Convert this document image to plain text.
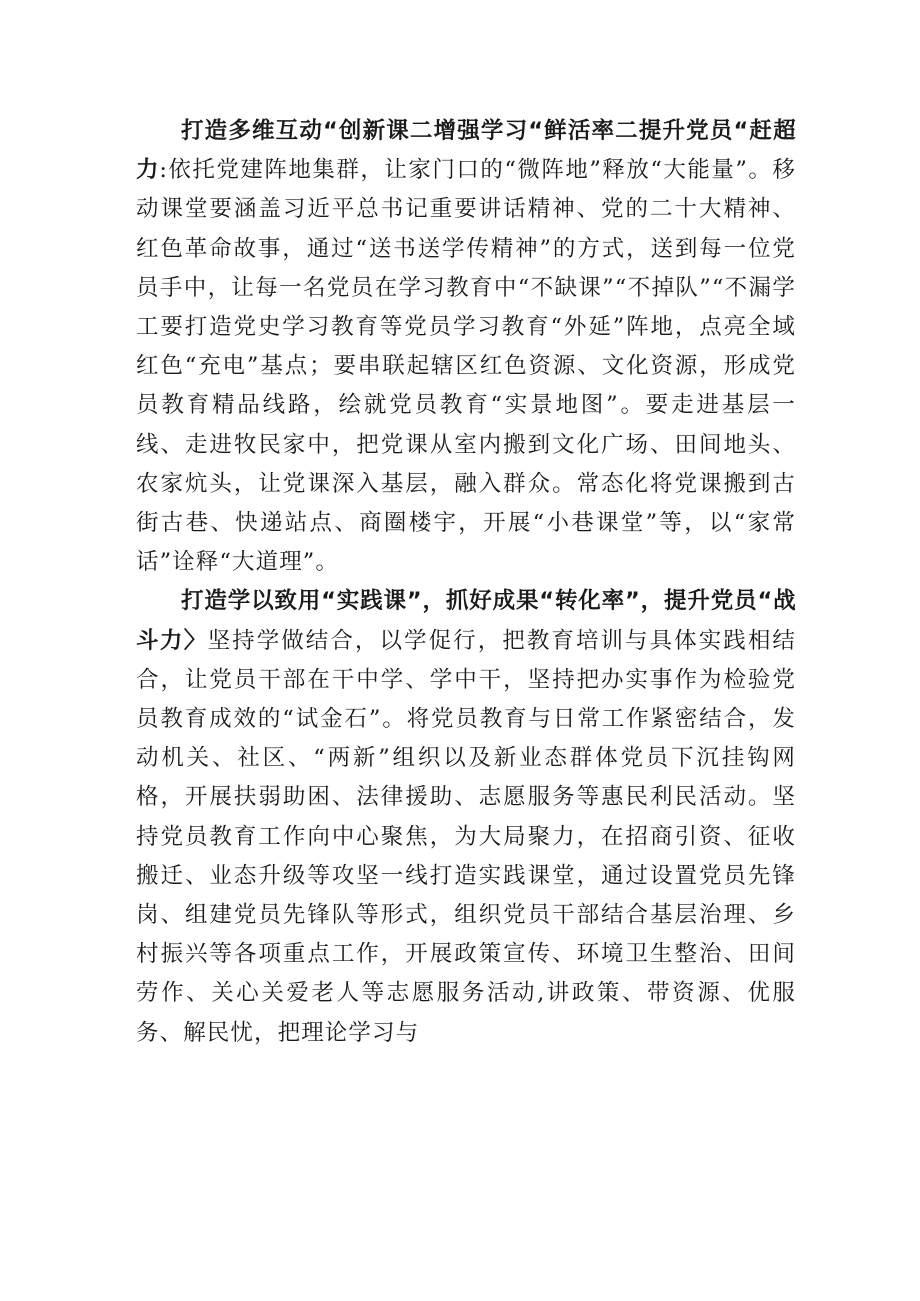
打造多维互动“创新课二增强学习“鲜活率二提升党员“赶超力:依托党建阵地集群，让家门口的“微阵地”释放“大能量”。移动课堂要涵盖习近平总书记重要讲话精神、党的二十大精神、红色革命故事，通过“送书送学传精神”的方式，送到每一位党员手中，让每一名党员在学习教育中“不缺课”“不掉队”“不漏学工要打造党史学习教育等党员学习教育“外延”阵地，点亮全域红色“充电”基点；要串联起辖区红色资源、文化资源，形成党员教育精品线路，绘就党员教育“实景地图”。要走进基层一线、走进牧民家中，把党课从室内搬到文化广场、田间地头、农家炕头，让党课深入基层，融入群众。常态化将党课搬到古街古巷、快递站点、商圈楼宇，开展“小巷课堂”等，以“家常话”诠释“大道理”。

打造学以致用“实践课”，抓好成果“转化率”，提升党员“战斗力〉坚持学做结合，以学促行，把教育培训与具体实践相结合，让党员干部在干中学、学中干，坚持把办实事作为检验党员教育成效的“试金石”。将党员教育与日常工作紧密结合，发动机关、社区、“两新”组织以及新业态群体党员下沉挂钩网格，开展扶弱助困、法律援助、志愿服务等惠民利民活动。坚持党员教育工作向中心聚焦，为大局聚力，在招商引资、征收搬迁、业态升级等攻坚一线打造实践课堂，通过设置党员先锋岗、组建党员先锋队等形式，组织党员干部结合基层治理、乡村振兴等各项重点工作，开展政策宣传、环境卫生整治、田间劳作、关心关爱老人等志愿服务活动,讲政策、带资源、优服务、解民忧，把理论学习与
